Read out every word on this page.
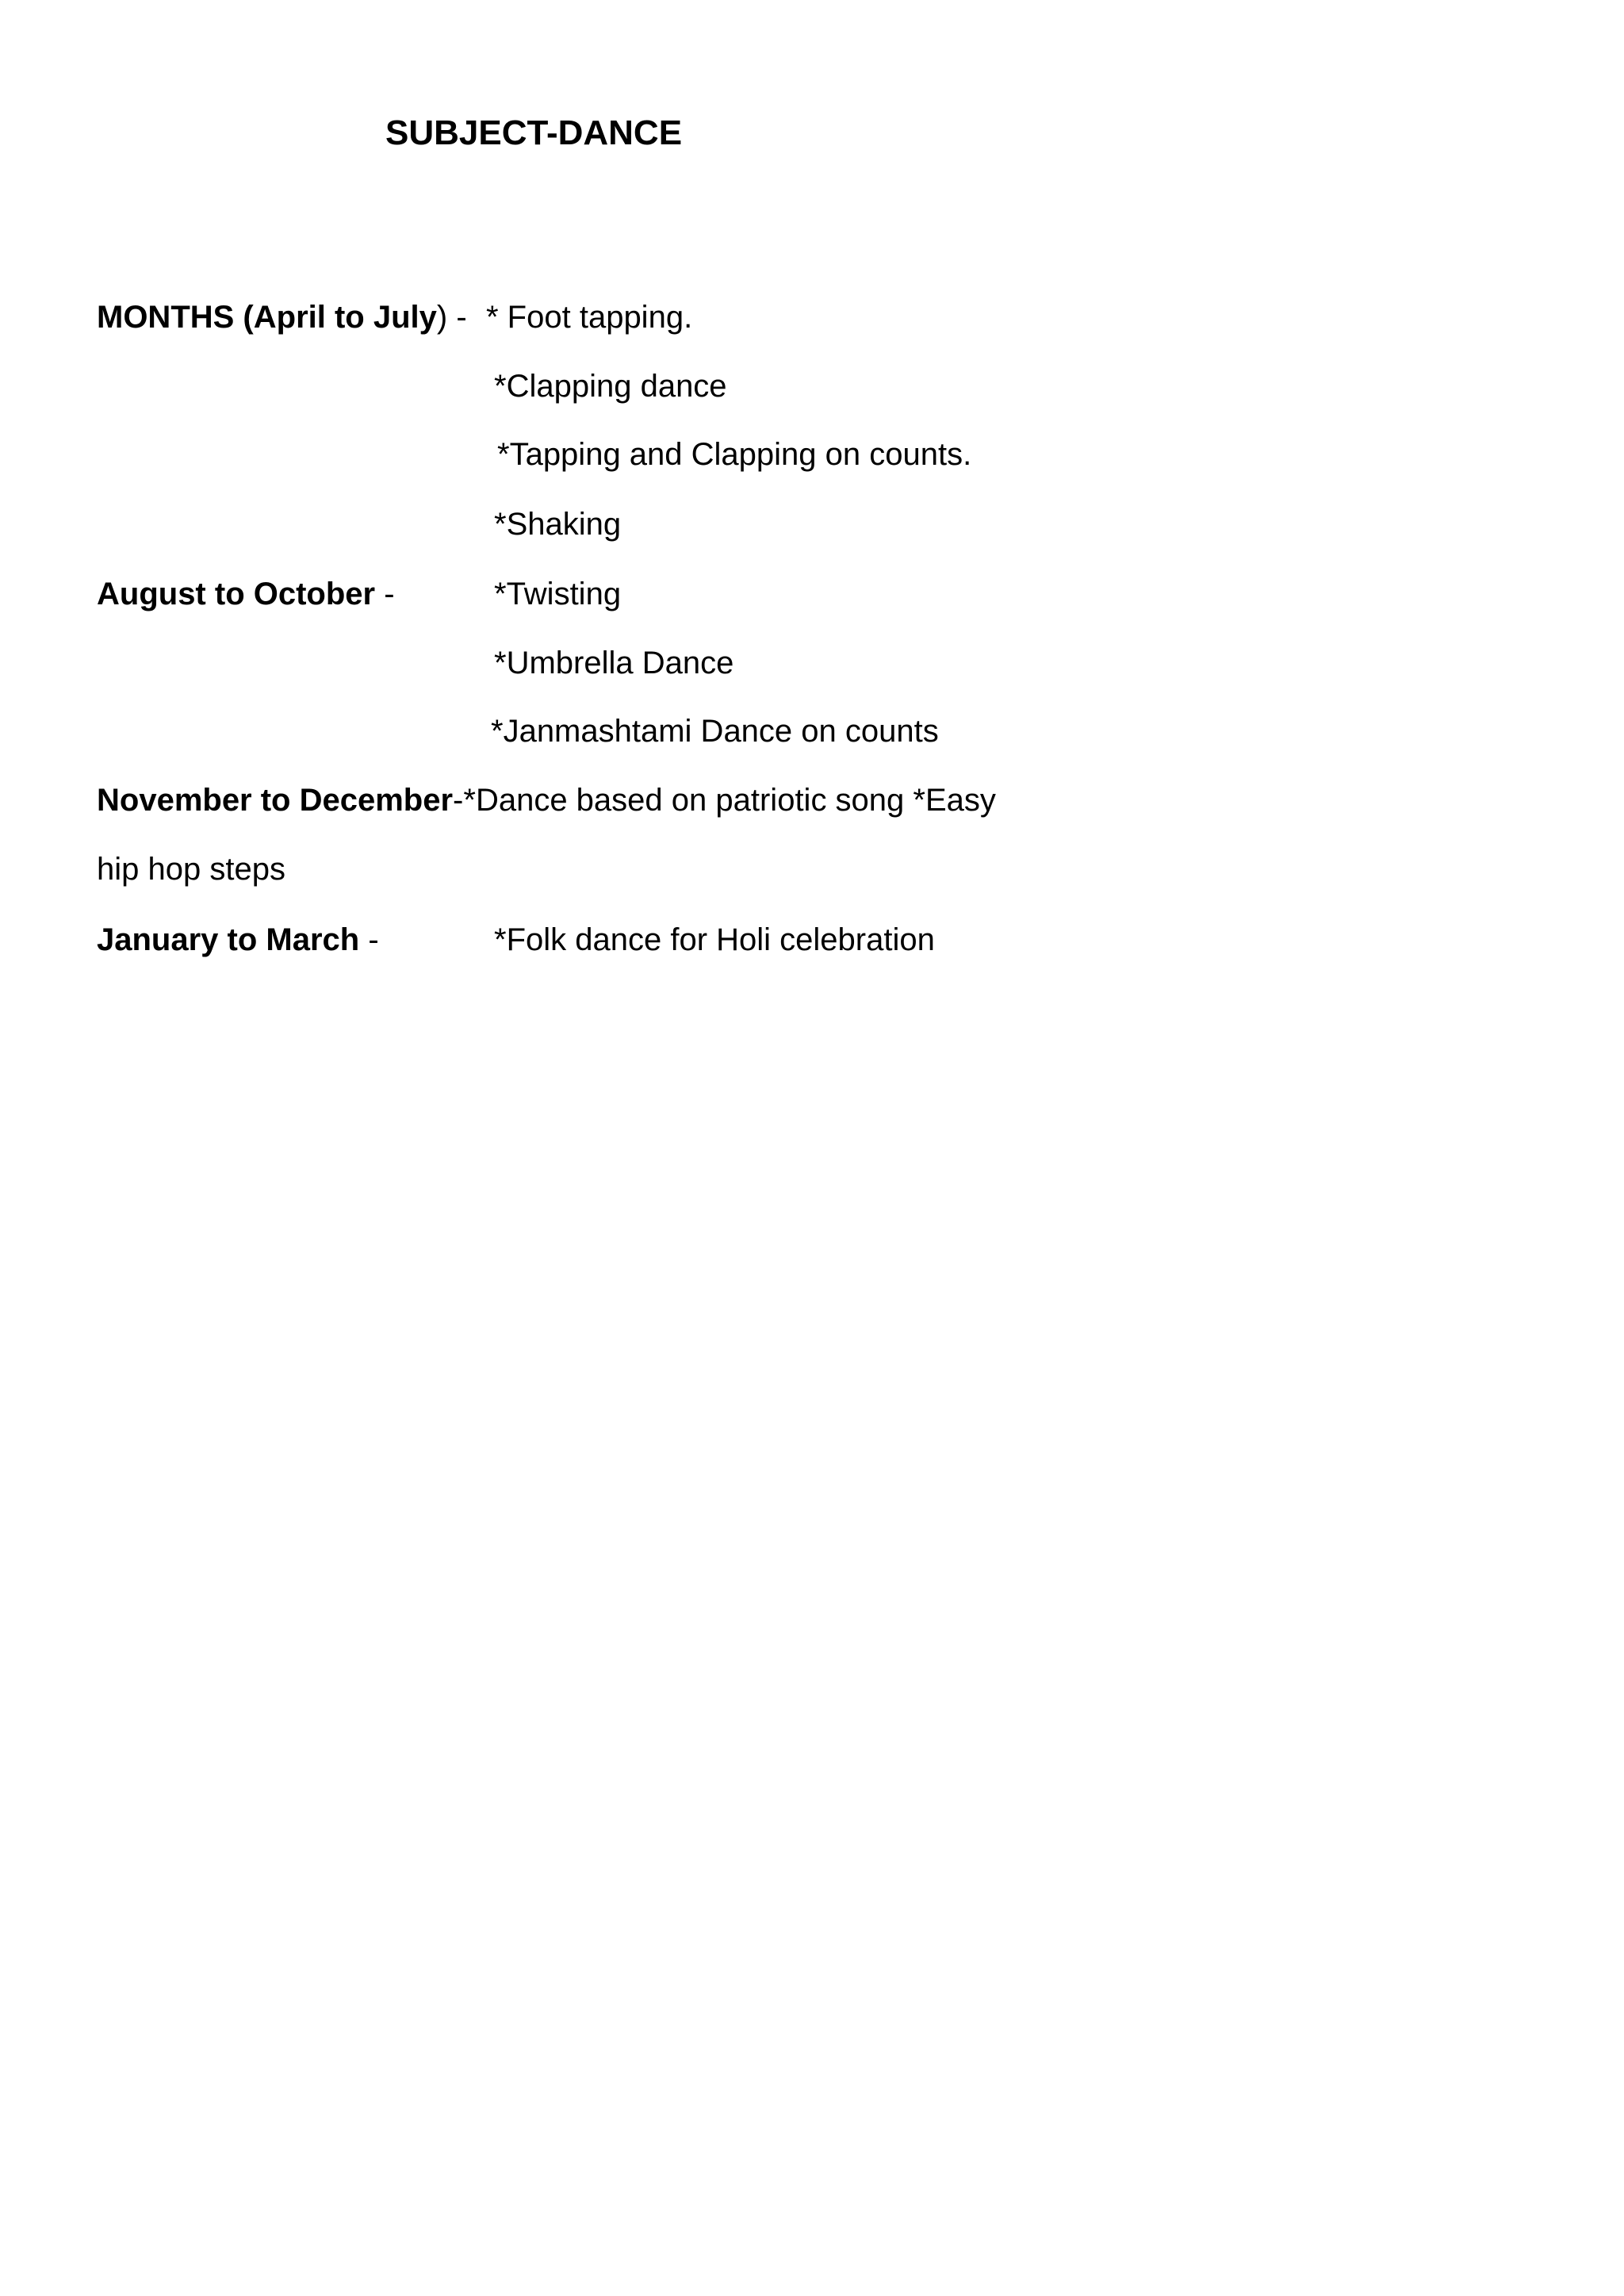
SUBJECT-DANCE
MONTHS (April to July) - * Foot tapping.
*Clapping dance
*Tapping and Clapping on counts.
*Shaking
August to October -	*Twisting
*Umbrella Dance
*Janmashtami Dance on counts
November to December-*Dance based on patriotic song *Easy
hip hop steps
January to March -	*Folk dance for Holi celebration
